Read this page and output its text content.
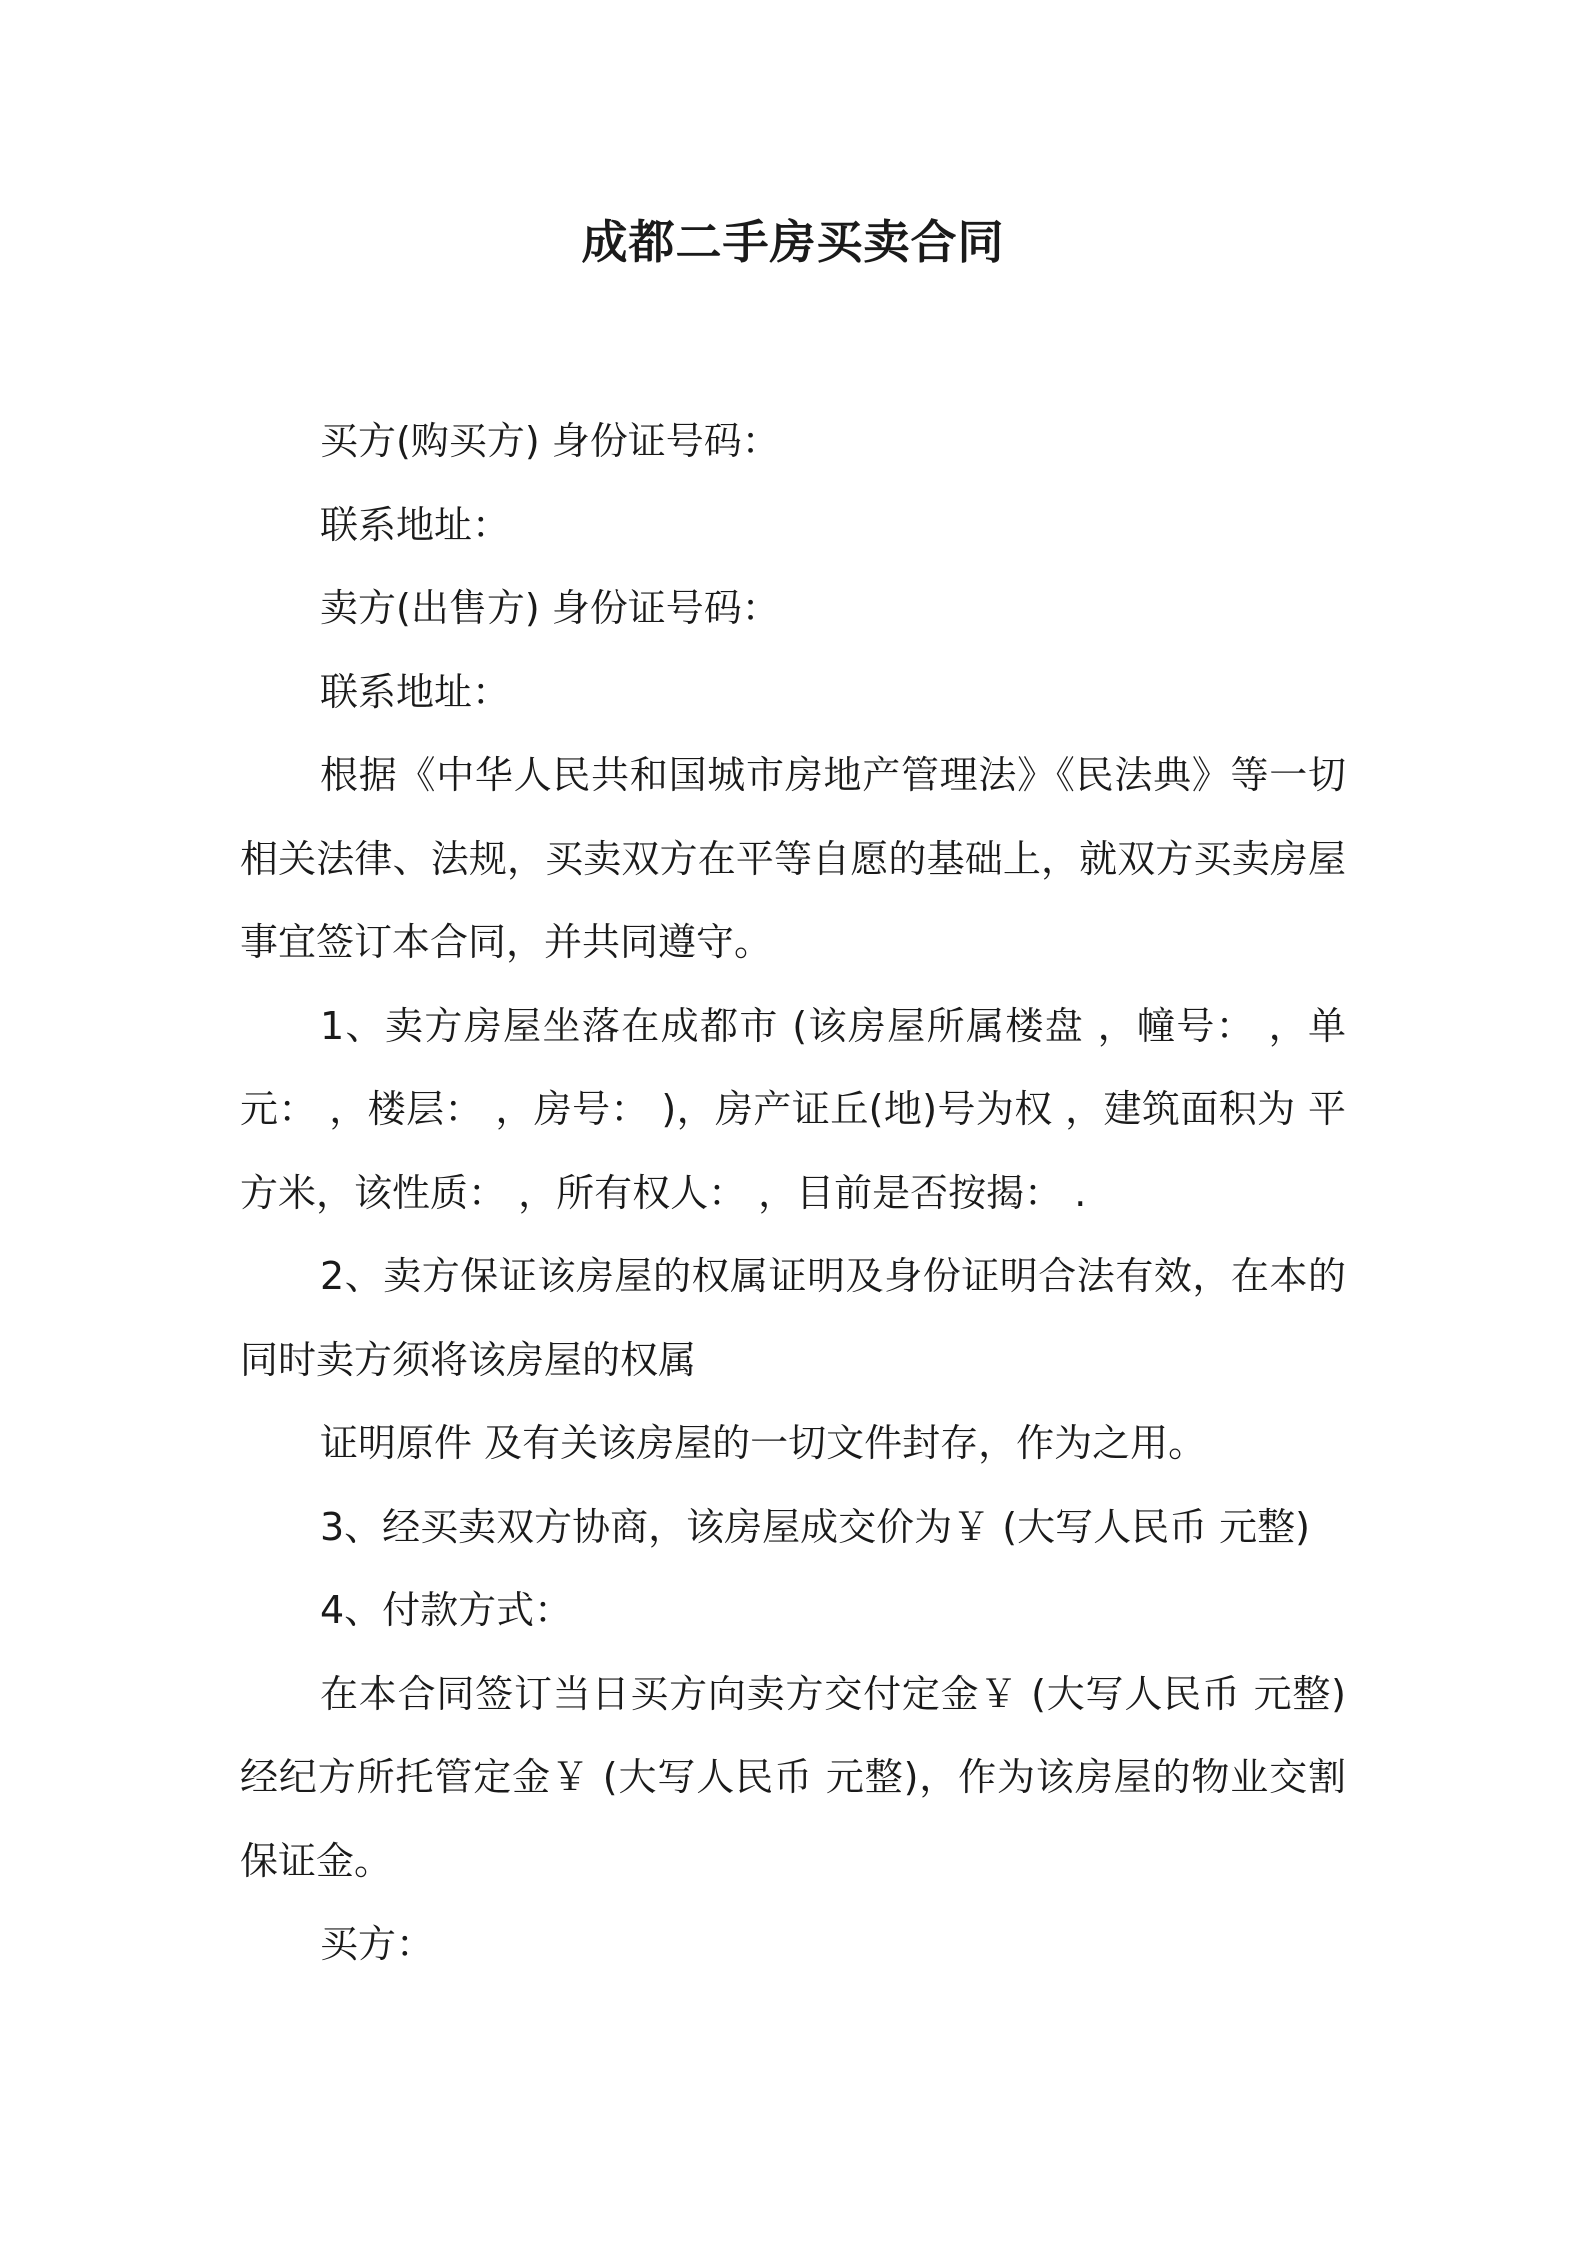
成都二手房买卖合同

买方(购买方) 身份证号码：

联系地址：

卖方(出售方) 身份证号码：

联系地址：

根据《中华人民共和国城市房地产管理法》《民法典》等一切相关法律、法规，买卖双方在平等自愿的基础上，就双方买卖房屋事宜签订本合同，并共同遵守。

1、卖方房屋坐落在成都市 (该房屋所属楼盘 ，幢号： ，单元： ，楼层： ，房号： )，房产证丘(地)号为权 ，建筑面积为 平方米，该性质： ，所有权人： ，目前是否按揭： .

2、卖方保证该房屋的权属证明及身份证明合法有效，在本的同时卖方须将该房屋的权属

证明原件 及有关该房屋的一切文件封存，作为之用。

3、经买卖双方协商，该房屋成交价为￥ (大写人民币 元整)

4、付款方式：

在本合同签订当日买方向卖方交付定金￥ (大写人民币 元整)经纪方所托管定金￥ (大写人民币 元整)，作为该房屋的物业交割保证金。

买方：
